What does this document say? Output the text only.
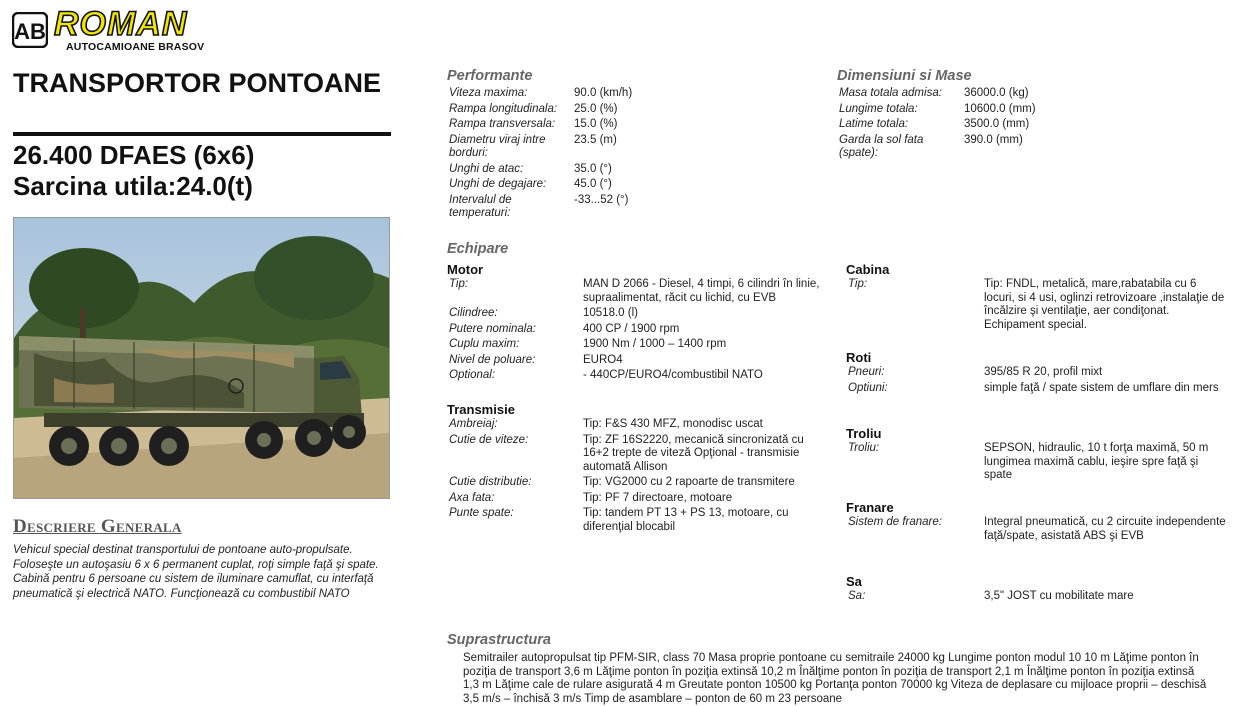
AB ROMAN
AUTOCAMIOANE BRASOV
TRANSPORTOR PONTOANE
26.400 DFAES (6x6)
Sarcina utila:24.0(t)
Descriere Generala

Vehicul special destinat transportului de pontoane auto-propulsate. Foloseşte un autoşasiu 6 x 6 permanent cuplat, roţi simple faţă şi spate. Cabină pentru 6 persoane cu sistem de iluminare camuflat, cu interfaţă pneumatică şi electrică NATO. Funcţionează cu combustibil NATO

Performante
Viteza maxima:	90.0 (km/h)
Rampa longitudinala:	25.0 (%)
Rampa transversala:	15.0 (%)
Diametru viraj intre borduri:	23.5 (m)
Unghi de atac:	35.0 (°)
Unghi de degajare:	45.0 (°)
Intervalul de temperaturi:	-33...52 (°)
Dimensiuni si Mase
Masa totala admisa:	36000.0 (kg)
Lungime totala:	10600.0 (mm)
Latime totala:	3500.0 (mm)
Garda la sol fata (spate):	390.0 (mm)
Echipare
Motor
Tip:	MAN D 2066 - Diesel, 4 timpi, 6 cilindri în linie, supraalimentat, răcit cu lichid, cu EVB
Cilindree:	10518.0 (l)
Putere nominala:	400 CP / 1900 rpm
Cuplu maxim:	1900 Nm / 1000 – 1400 rpm
Nivel de poluare:	EURO4
Optional:	- 440CP/EURO4/combustibil NATO
Transmisie
Ambreiaj:	Tip: F&S 430 MFZ, monodisc uscat
Cutie de viteze:	Tip: ZF 16S2220, mecanică sincronizată cu 16+2 trepte de viteză Opţional - transmisie automată Allison
Cutie distributie:	Tip: VG2000 cu 2 rapoarte de transmitere
Axa fata:	Tip: PF 7 directoare, motoare
Punte spate:	Tip: tandem PT 13 + PS 13, motoare, cu diferenţial blocabil
Cabina
Tip:	Tip: FNDL, metalică, mare,rabatabila cu 6 locuri, si 4 usi, oglinzi retrovizoare ,instalaţie de încălzire şi ventilaţie, aer condiţonat. Echipament special.
Roti
Pneuri:	395/85 R 20, profil mixt
Optiuni:	simple faţă / spate sistem de umflare din mers
Troliu
Troliu:	SEPSON, hidraulic, 10 t forţa maximă, 50 m lungimea maximă cablu, ieşire spre faţă şi spate
Franare
Sistem de franare:	Integral pneumatică, cu 2 circuite independente faţă/spate, asistată ABS şi EVB
Sa
Sa:	3,5" JOST cu mobilitate mare
Suprastructura

Semitrailer autopropulsat tip PFM-SIR, class 70 Masa proprie pontoane cu semitraile 24000 kg Lungime ponton modul 10 10 m Lăţime ponton în poziţia de transport 3,6 m Lăţime ponton în poziţia extinsă 10,2 m Înălţime ponton în poziţia de transport 2,1 m Înălţime ponton în poziţia extinsă 1,3 m Lăţime cale de rulare asigurată 4 m Greutate ponton 10500 kg Portanţa ponton 70000 kg Viteza de deplasare cu mijloace proprii – deschisă 3,5 m/s – închisă 3 m/s Timp de asamblare – ponton de 60 m 23 persoane
